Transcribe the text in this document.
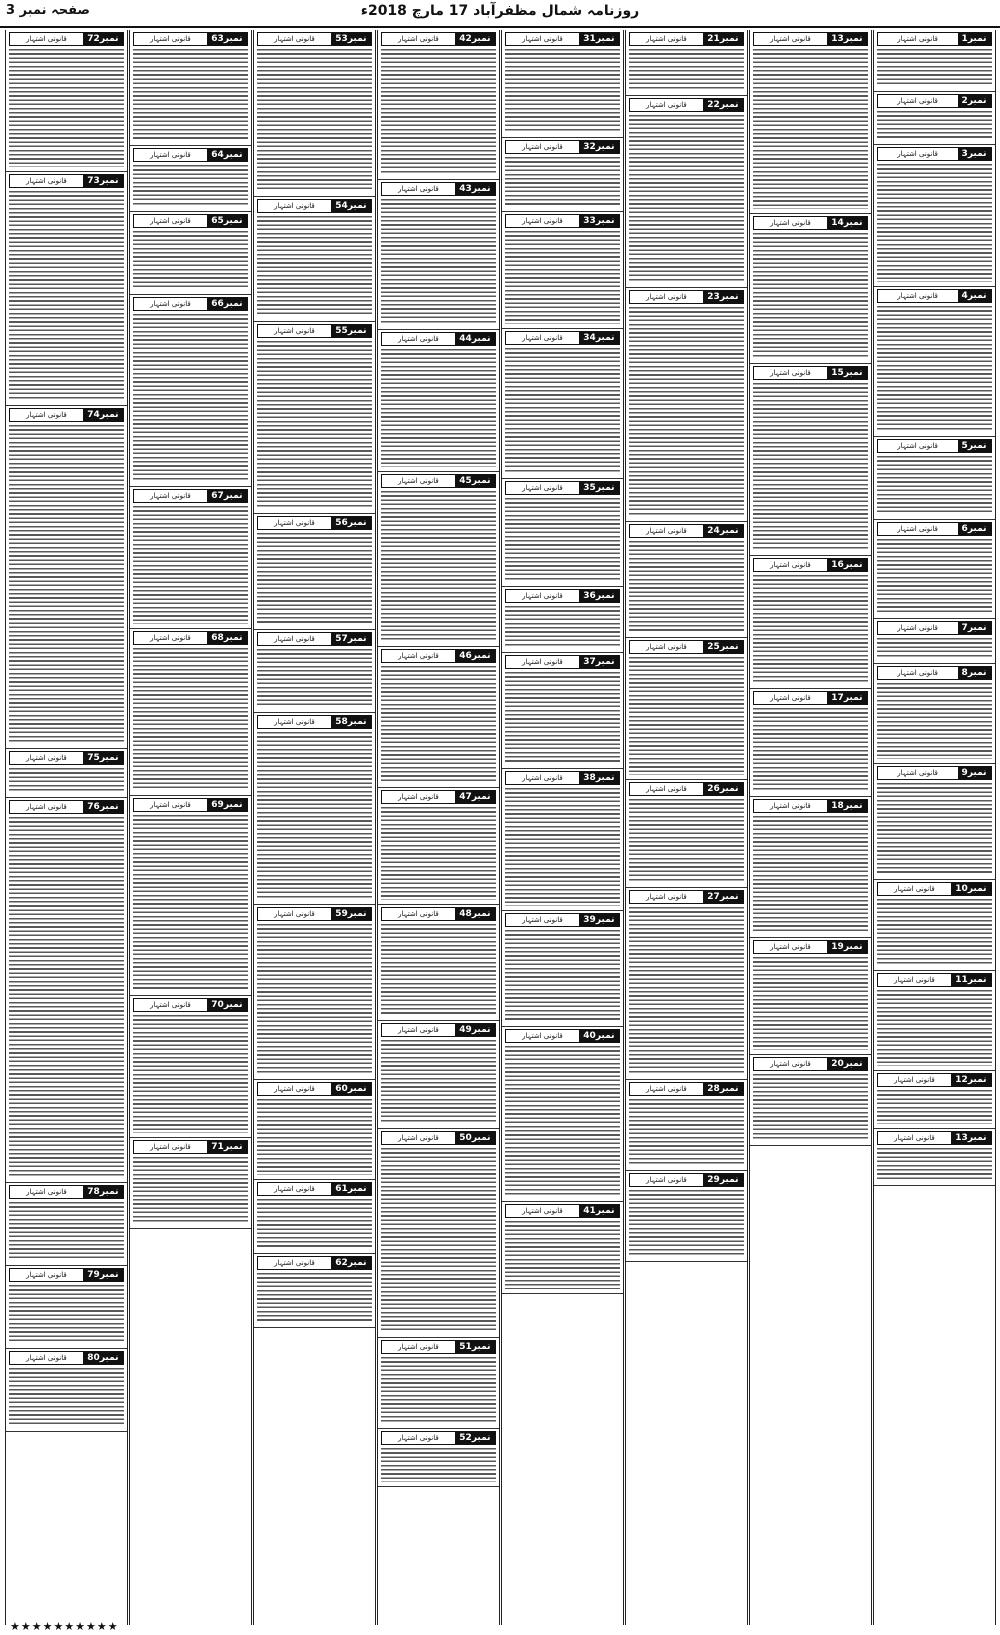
صفحہ نمبر 3	روزنامہ شمال مظفرآباد 17 مارچ 2018ء
نمبر1
قانونی اشتہار
نمبر2
قانونی اشتہار
نمبر3
قانونی اشتہار
نمبر4
قانونی اشتہار
نمبر5
قانونی اشتہار
نمبر6
قانونی اشتہار
نمبر7
قانونی اشتہار
نمبر8
قانونی اشتہار
نمبر9
قانونی اشتہار
نمبر10
قانونی اشتہار
نمبر11
قانونی اشتہار
نمبر12
قانونی اشتہار
نمبر13
قانونی اشتہار
نمبر13
قانونی اشتہار
نمبر14
قانونی اشتہار
نمبر15
قانونی اشتہار
نمبر16
قانونی اشتہار
نمبر17
قانونی اشتہار
نمبر18
قانونی اشتہار
نمبر19
قانونی اشتہار
نمبر20
قانونی اشتہار
نمبر21
قانونی اشتہار
نمبر22
قانونی اشتہار
نمبر23
قانونی اشتہار
نمبر24
قانونی اشتہار
نمبر25
قانونی اشتہار
نمبر26
قانونی اشتہار
نمبر27
قانونی اشتہار
نمبر28
قانونی اشتہار
نمبر29
قانونی اشتہار
نمبر31
قانونی اشتہار
نمبر32
قانونی اشتہار
نمبر33
قانونی اشتہار
نمبر34
قانونی اشتہار
نمبر35
قانونی اشتہار
نمبر36
قانونی اشتہار
نمبر37
قانونی اشتہار
نمبر38
قانونی اشتہار
نمبر39
قانونی اشتہار
نمبر40
قانونی اشتہار
نمبر41
قانونی اشتہار
نمبر42
قانونی اشتہار
نمبر43
قانونی اشتہار
نمبر44
قانونی اشتہار
نمبر45
قانونی اشتہار
نمبر46
قانونی اشتہار
نمبر47
قانونی اشتہار
نمبر48
قانونی اشتہار
نمبر49
قانونی اشتہار
نمبر50
قانونی اشتہار
نمبر51
قانونی اشتہار
نمبر52
قانونی اشتہار
نمبر53
قانونی اشتہار
نمبر54
قانونی اشتہار
نمبر55
قانونی اشتہار
نمبر56
قانونی اشتہار
نمبر57
قانونی اشتہار
نمبر58
قانونی اشتہار
نمبر59
قانونی اشتہار
نمبر60
قانونی اشتہار
نمبر61
قانونی اشتہار
نمبر62
قانونی اشتہار
نمبر63
قانونی اشتہار
نمبر64
قانونی اشتہار
نمبر65
قانونی اشتہار
نمبر66
قانونی اشتہار
نمبر67
قانونی اشتہار
نمبر68
قانونی اشتہار
نمبر69
قانونی اشتہار
نمبر70
قانونی اشتہار
نمبر71
قانونی اشتہار
نمبر72
قانونی اشتہار
نمبر73
قانونی اشتہار
نمبر74
قانونی اشتہار
نمبر75
قانونی اشتہار
نمبر76
قانونی اشتہار
نمبر78
قانونی اشتہار
نمبر79
قانونی اشتہار
نمبر80
قانونی اشتہار
★★★★★★★★★★
